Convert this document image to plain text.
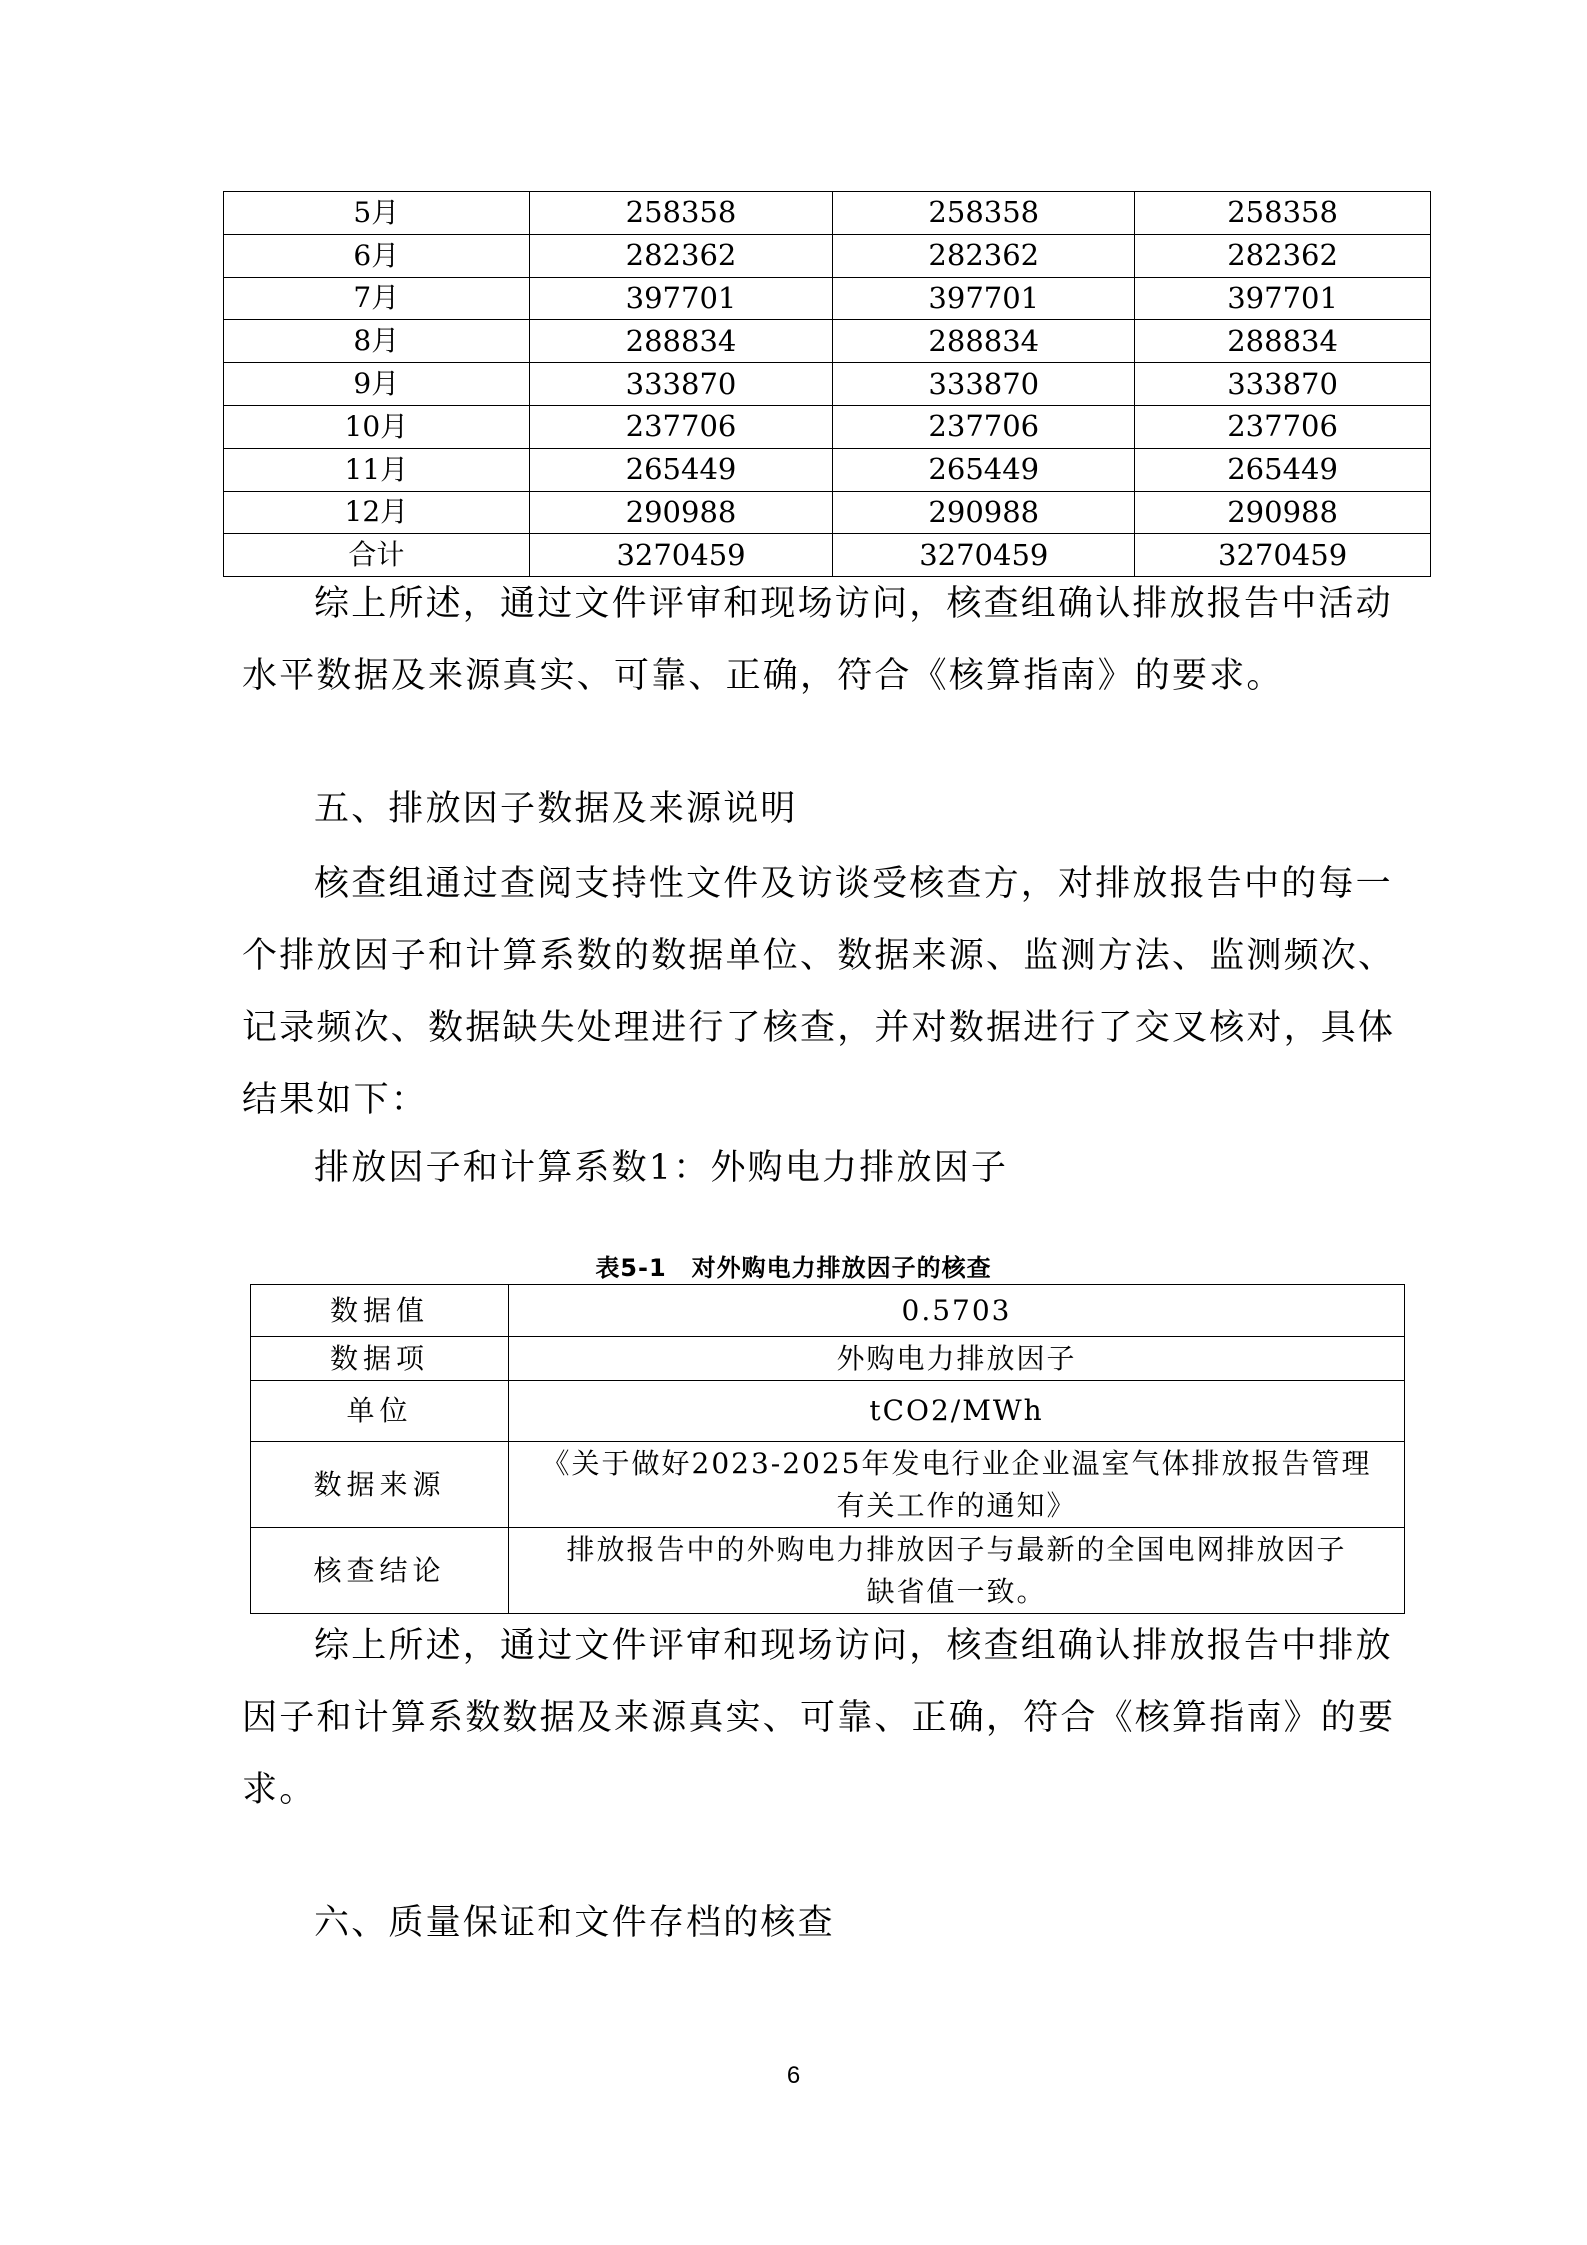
5月	258358	258358	258358
6月	282362	282362	282362
7月	397701	397701	397701
8月	288834	288834	288834
9月	333870	333870	333870
10月	237706	237706	237706
11月	265449	265449	265449
12月	290988	290988	290988
合计	3270459	3270459	3270459

综上所述，通过文件评审和现场访问，核查组确认排放报告中活动水平数据及来源真实、可靠、正确，符合《核算指南》的要求。

五、排放因子数据及来源说明

核查组通过查阅支持性文件及访谈受核查方，对排放报告中的每一个排放因子和计算系数的数据单位、数据来源、监测方法、监测频次、记录频次、数据缺失处理进行了核查，并对数据进行了交叉核对，具体结果如下：

排放因子和计算系数1：外购电力排放因子

表5-1　对外购电力排放因子的核查
数据值	0.5703

数据项	外购电力排放因子

单位	tCO2/MWh

数据来源	《关于做好2023-2025年发电行业企业温室气体排放报告管理
有关工作的通知》

核查结论	排放报告中的外购电力排放因子与最新的全国电网排放因子
缺省值一致。

综上所述，通过文件评审和现场访问，核查组确认排放报告中排放因子和计算系数数据及来源真实、可靠、正确，符合《核算指南》的要求。

六、质量保证和文件存档的核查

6
